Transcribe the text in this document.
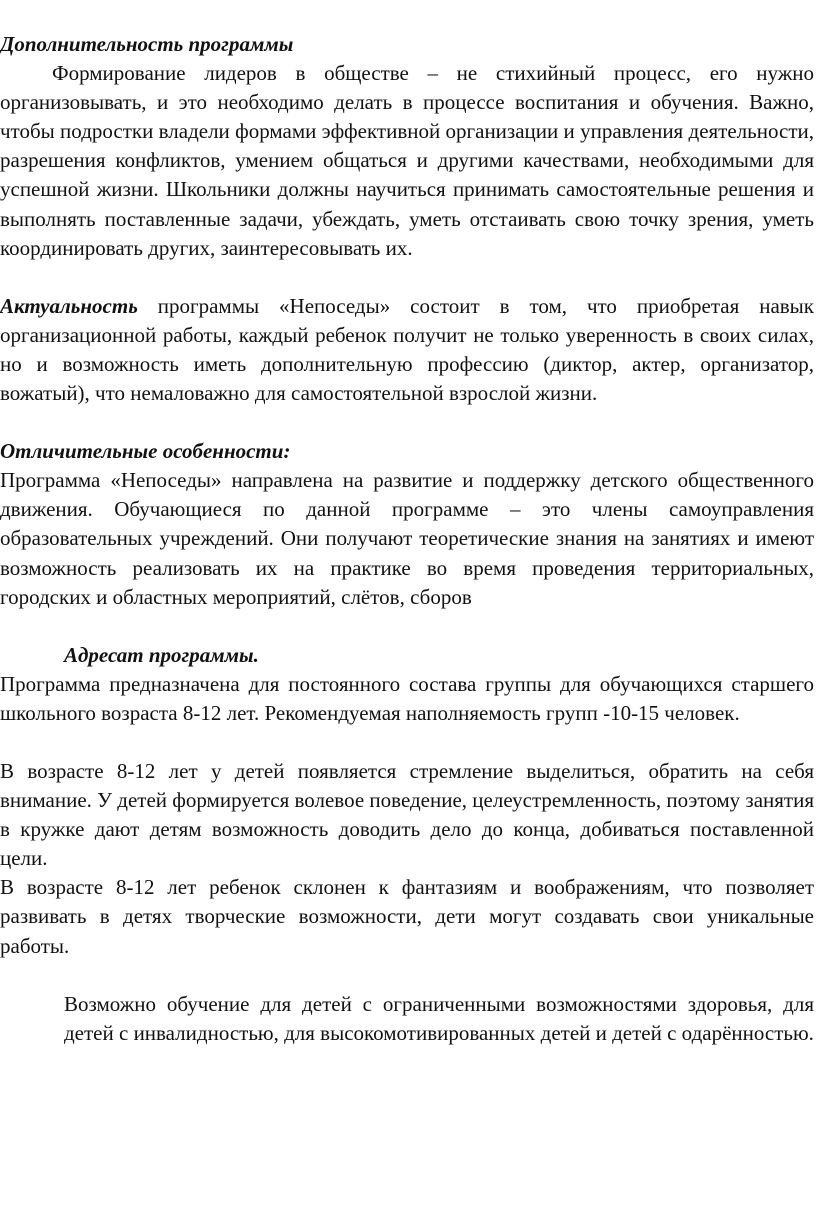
Дополнительность программы

Формирование лидеров в обществе – не стихийный процесс, его нужно организовывать, и это необходимо делать в процессе воспитания и обучения. Важно, чтобы подростки владели формами эффективной организации и управления деятельности, разрешения конфликтов, умением общаться и другими качествами, необходимыми для успешной жизни. Школьники должны научиться принимать самостоятельные решения и выполнять поставленные задачи, убеждать, уметь отстаивать свою точку зрения, уметь координировать других, заинтересовывать их.

Актуальность программы «Непоседы» состоит в том, что приобретая навык организационной работы, каждый ребенок получит не только уверенность в своих силах, но и возможность иметь дополнительную профессию (диктор, актер, организатор, вожатый), что немаловажно для самостоятельной взрослой жизни.

Отличительные особенности:

Программа «Непоседы» направлена на развитие и поддержку детского общественного движения. Обучающиеся по данной программе – это члены самоуправления образовательных учреждений. Они получают теоретические знания на занятиях и имеют возможность реализовать их на практике во время проведения территориальных, городских и областных мероприятий, слётов, сборов

Адресат программы.

Программа предназначена для постоянного состава группы для обучающихся старшего школьного возраста 8-12 лет. Рекомендуемая наполняемость групп -10-15 человек.

В возрасте 8-12 лет у детей появляется стремление выделиться, обратить на себя внимание. У детей формируется волевое поведение, целеустремленность, поэтому занятия в кружке дают детям возможность доводить дело до конца, добиваться поставленной цели.

В возрасте 8-12 лет ребенок склонен к фантазиям и воображениям, что позволяет развивать в детях творческие возможности, дети могут создавать свои уникальные работы.

Возможно обучение для детей с ограниченными возможностями здоровья, для детей с инвалидностью, для высокомотивированных детей и детей с одарённостью.
